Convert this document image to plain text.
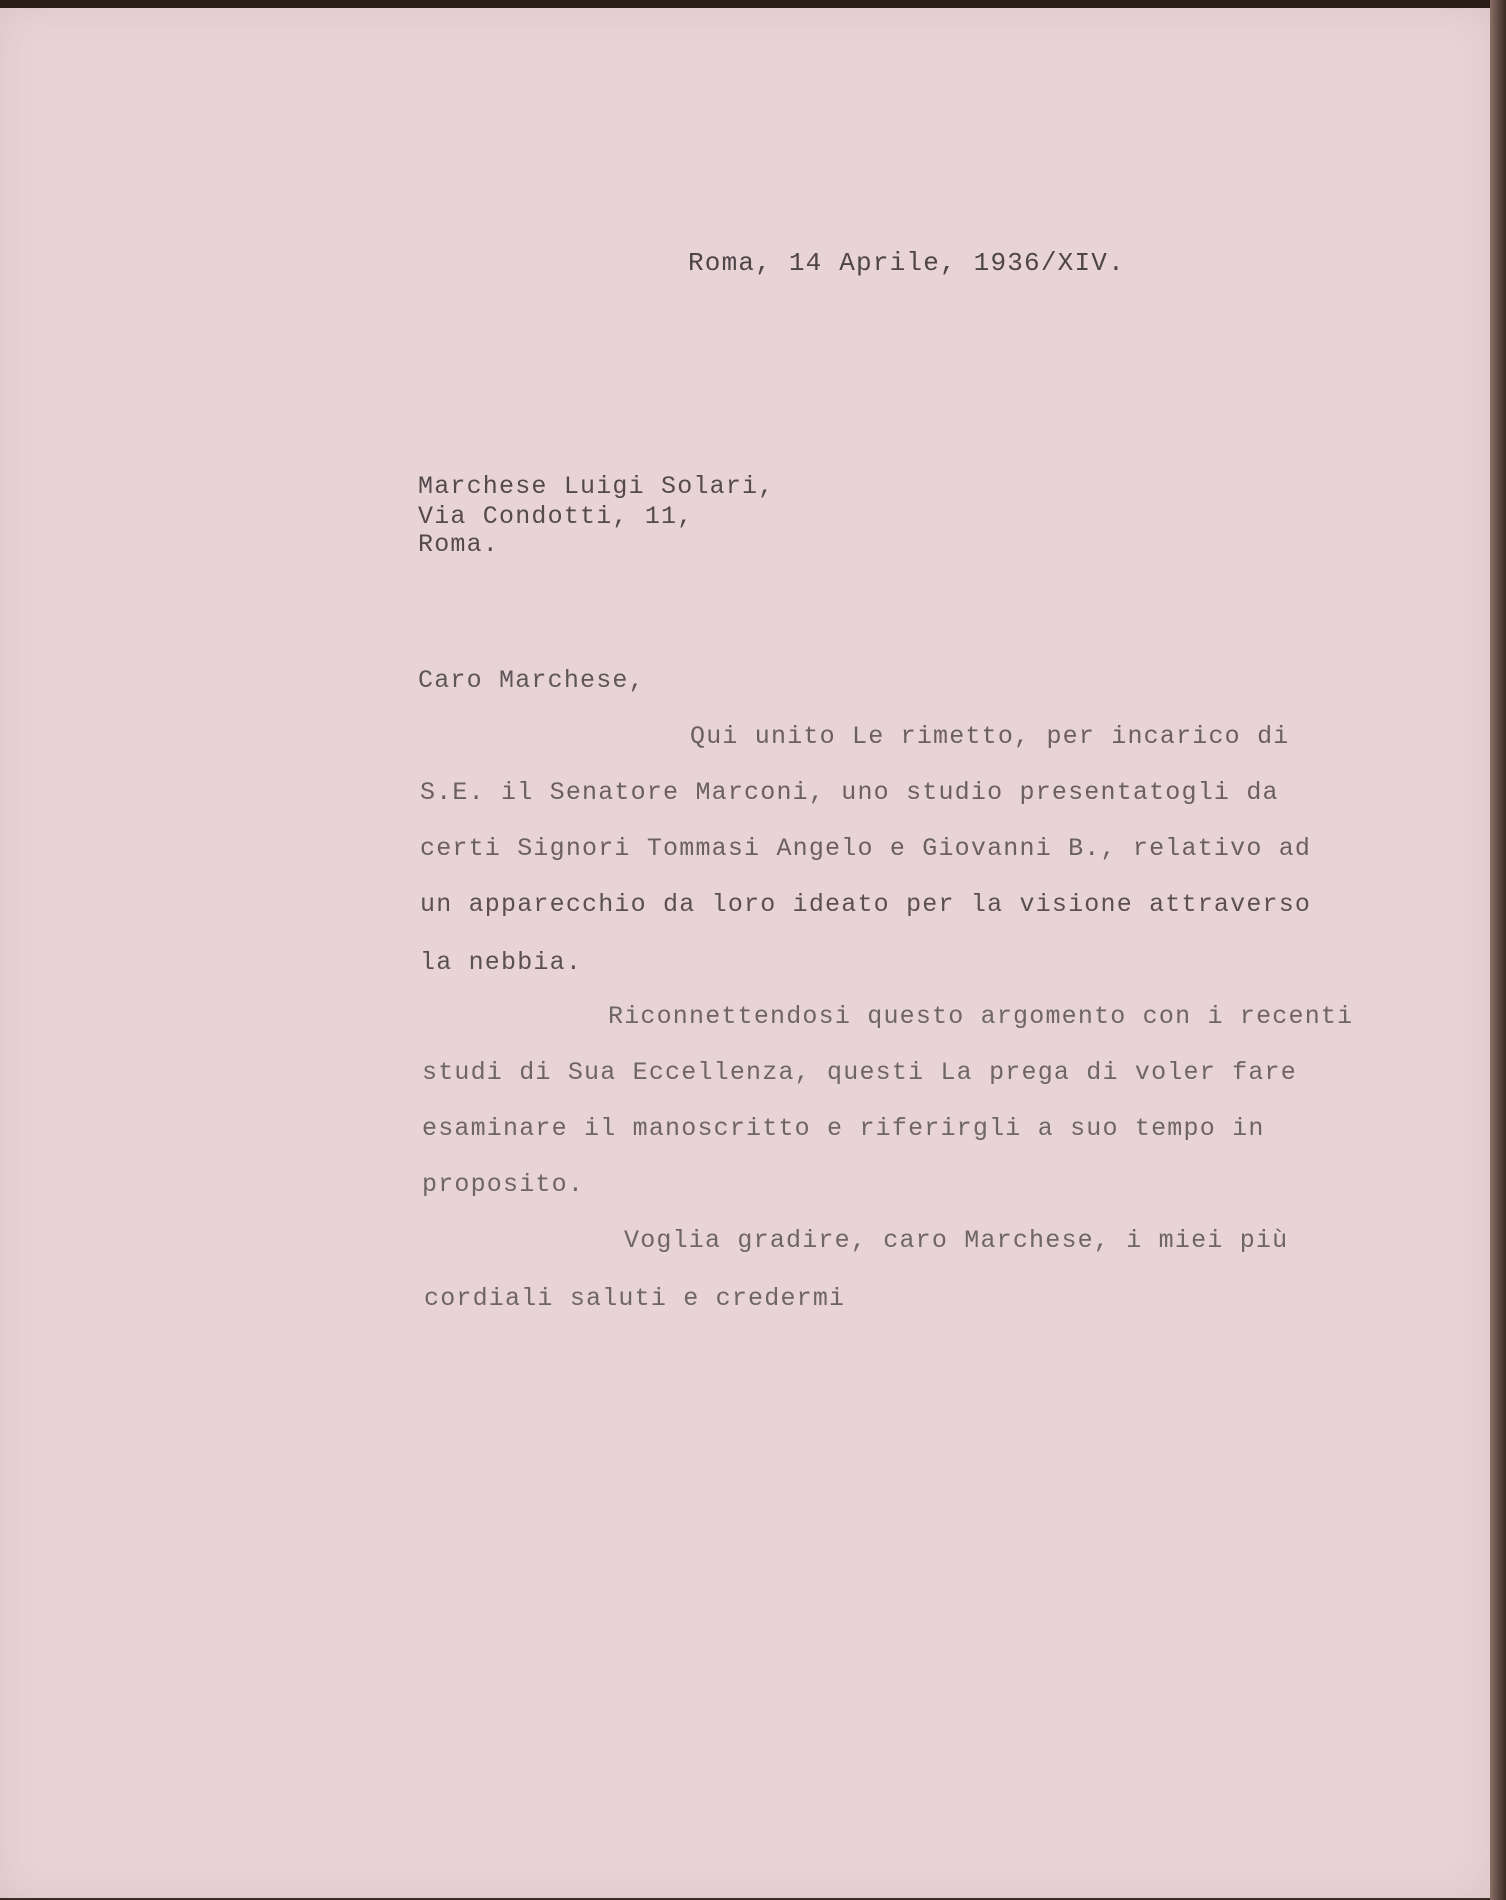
Roma, 14 Aprile, 1936/XIV.
Marchese Luigi Solari,
Via Condotti, 11,
Roma.
Caro Marchese,
Qui unito Le rimetto, per incarico di
S.E. il Senatore Marconi, uno studio presentatogli da
certi Signori Tommasi Angelo e Giovanni B., relativo ad
un apparecchio da loro ideato per la visione attraverso
la nebbia.
Riconnettendosi questo argomento con i recenti
studi di Sua Eccellenza, questi La prega di voler fare
esaminare il manoscritto e riferirgli a suo tempo in
proposito.
Voglia gradire, caro Marchese, i miei più
cordiali saluti e credermi
